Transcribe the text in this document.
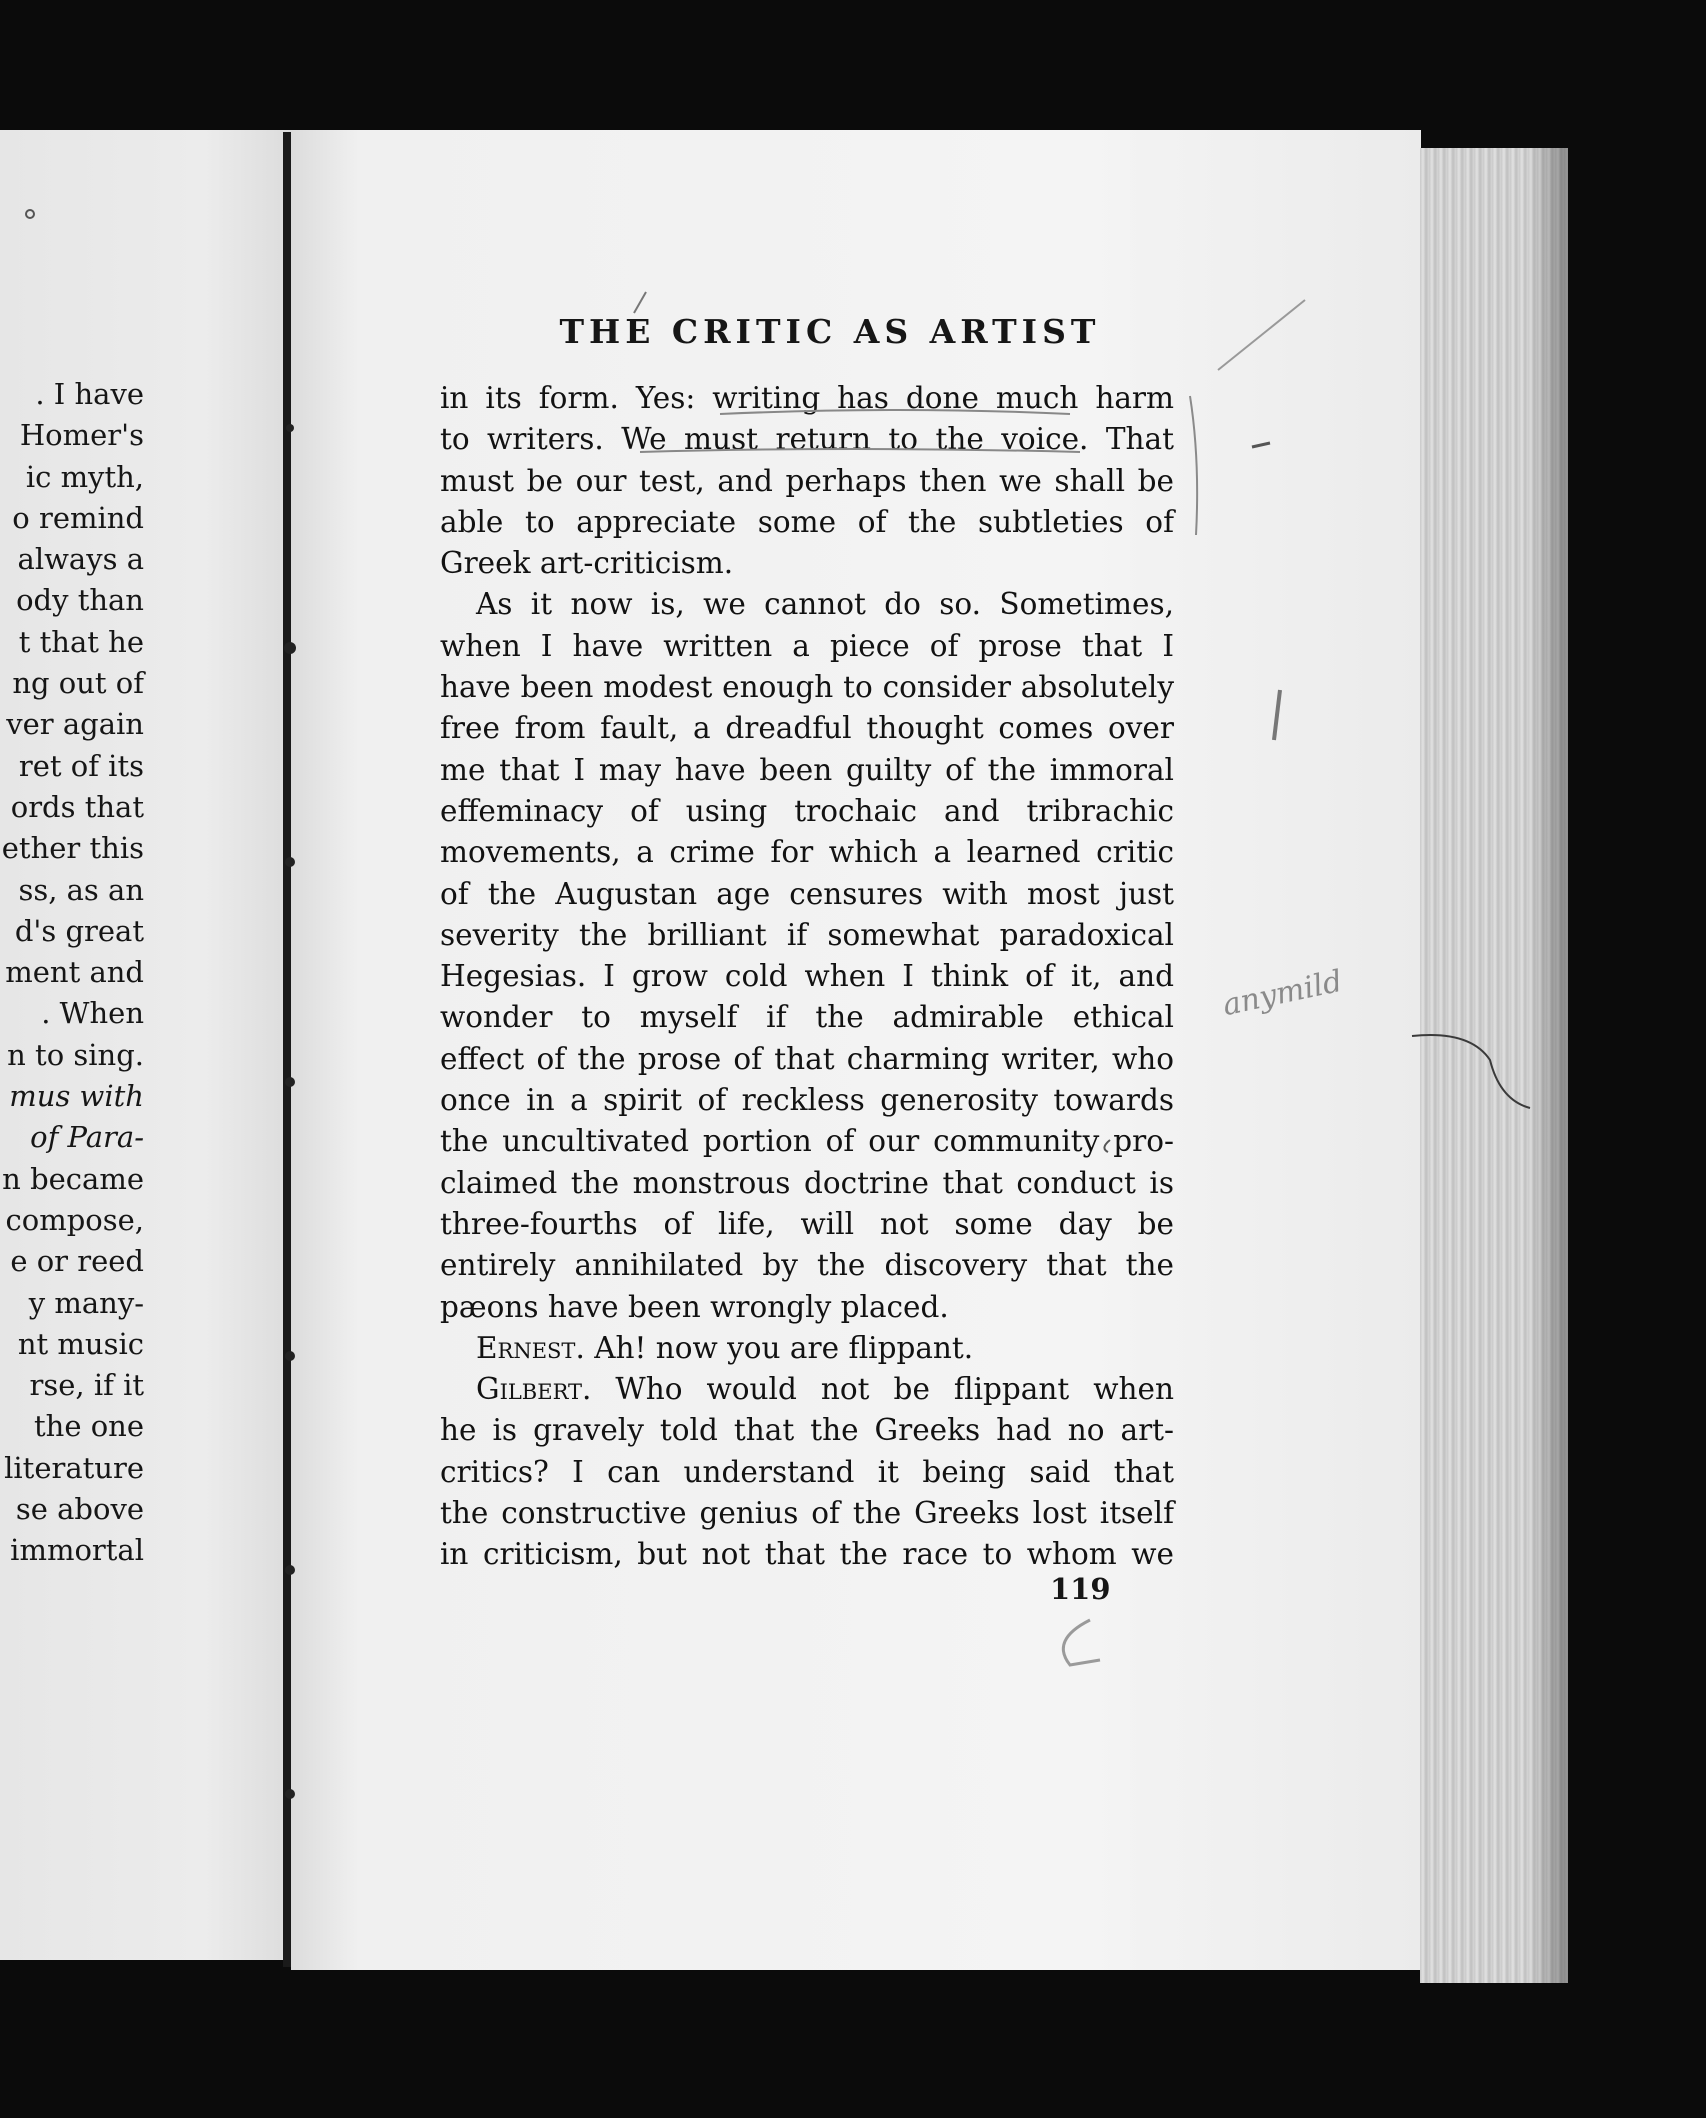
. I have
Homer's
ic myth,
o remind
always a
ody than
t that he
ng out of
ver again
ret of its
ords that
ether this
ss, as an
d's great
ment and
. When
n to sing.
mus with
of Para-
n became
compose,
e or reed
y many-
nt music
rse, if it
the one
literature
se above
immortal
THE CRITIC AS ARTIST
in its form. Yes: writing has done much harm
to writers. We must return to the voice. That
must be our test, and perhaps then we shall be
able to appreciate some of the subtleties of
Greek art-criticism.
As it now is, we cannot do so. Sometimes,
when I have written a piece of prose that I
have been modest enough to consider absolutely
free from fault, a dreadful thought comes over
me that I may have been guilty of the immoral
effeminacy of using trochaic and tribrachic
movements, a crime for which a learned critic
of the Augustan age censures with most just
severity the brilliant if somewhat paradoxical
Hegesias. I grow cold when I think of it, and
wonder to myself if the admirable ethical
effect of the prose of that charming writer, who
once in a spirit of reckless generosity towards
the uncultivated portion of our community pro-
claimed the monstrous doctrine that conduct is
three-fourths of life, will not some day be
entirely annihilated by the discovery that the
pæons have been wrongly placed.
Ernest. Ah! now you are flippant.
Gilbert. Who would not be flippant when
he is gravely told that the Greeks had no art-
critics? I can understand it being said that
the constructive genius of the Greeks lost itself
in criticism, but not that the race to whom we
119
anymild
